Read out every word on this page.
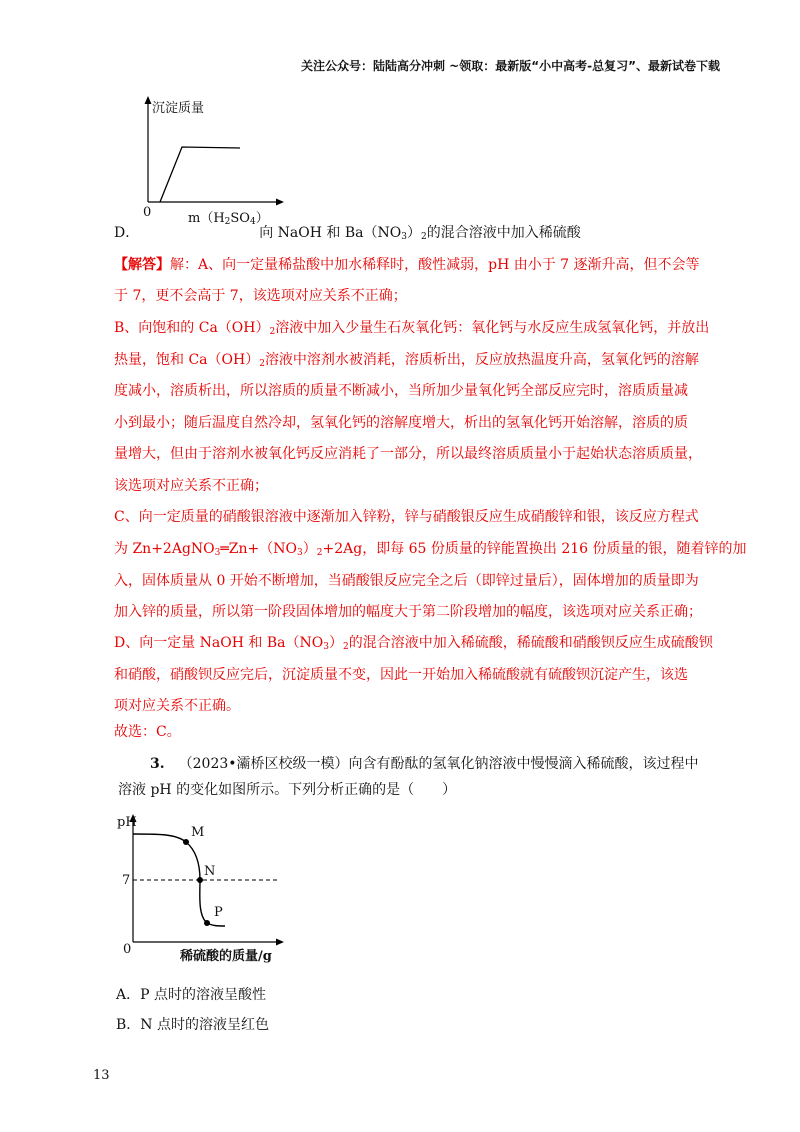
关注公众号：陆陆高分冲刺 ~领取：最新版“小中高考-总复习”、最新试卷下载
沉淀质量
0	$m(H_2SO_4)$
D．	向 NaOH 和 $Ba(NO_3)_2$的混合溶液中加入稀硫酸
【解答】解：A、向一定量稀盐酸中加水稀释时，酸性减弱，pH 由小于 7 逐渐升高，但不会等
于 7，更不会高于 7，该选项对应关系不正确；
B、向饱和的 $Ca(OH)_2$溶液中加入少量生石灰氧化钙：氧化钙与水反应生成氢氧化钙，并放出
热量，饱和 $Ca(OH)_2$溶液中溶剂水被消耗，溶质析出，反应放热温度升高，氢氧化钙的溶解
度减小，溶质析出，所以溶质的质量不断减小，当所加少量氧化钙全部反应完时，溶质质量减
小到最小；随后温度自然冷却，氢氧化钙的溶解度增大，析出的氢氧化钙开始溶解，溶质的质
量增大，但由于溶剂水被氧化钙反应消耗了一部分，所以最终溶质质量小于起始状态溶质质量，
该选项对应关系不正确；
C、向一定质量的硝酸银溶液中逐渐加入锌粉，锌与硝酸银反应生成硝酸锌和银，该反应方程式
为 $Zn+2AgNO_3═Zn+(NO_3)_2+2Ag$，即每 65 份质量的锌能置换出 216 份质量的银，随着锌的加
入，固体质量从 0 开始不断增加，当硝酸银反应完全之后（即锌过量后），固体增加的质量即为
加入锌的质量，所以第一阶段固体增加的幅度大于第二阶段增加的幅度，该选项对应关系正确；
D、向一定量 NaOH 和 $Ba(NO_3)_2$的混合溶液中加入稀硫酸，稀硫酸和硝酸钡反应生成硫酸钡
和硝酸，硝酸钡反应完后，沉淀质量不变，因此一开始加入稀硫酸就有硫酸钡沉淀产生，该选
项对应关系不正确。
故选：C。
3. （2023•灞桥区校级一模）向含有酚酞的氢氧化钠溶液中慢慢滴入稀硫酸，该过程中
溶液 pH 的变化如图所示。下列分析正确的是（　　）
pH
7
0
M
N
P
稀硫酸的质量/g
A．P 点时的溶液呈酸性
B．N 点时的溶液呈红色
13
